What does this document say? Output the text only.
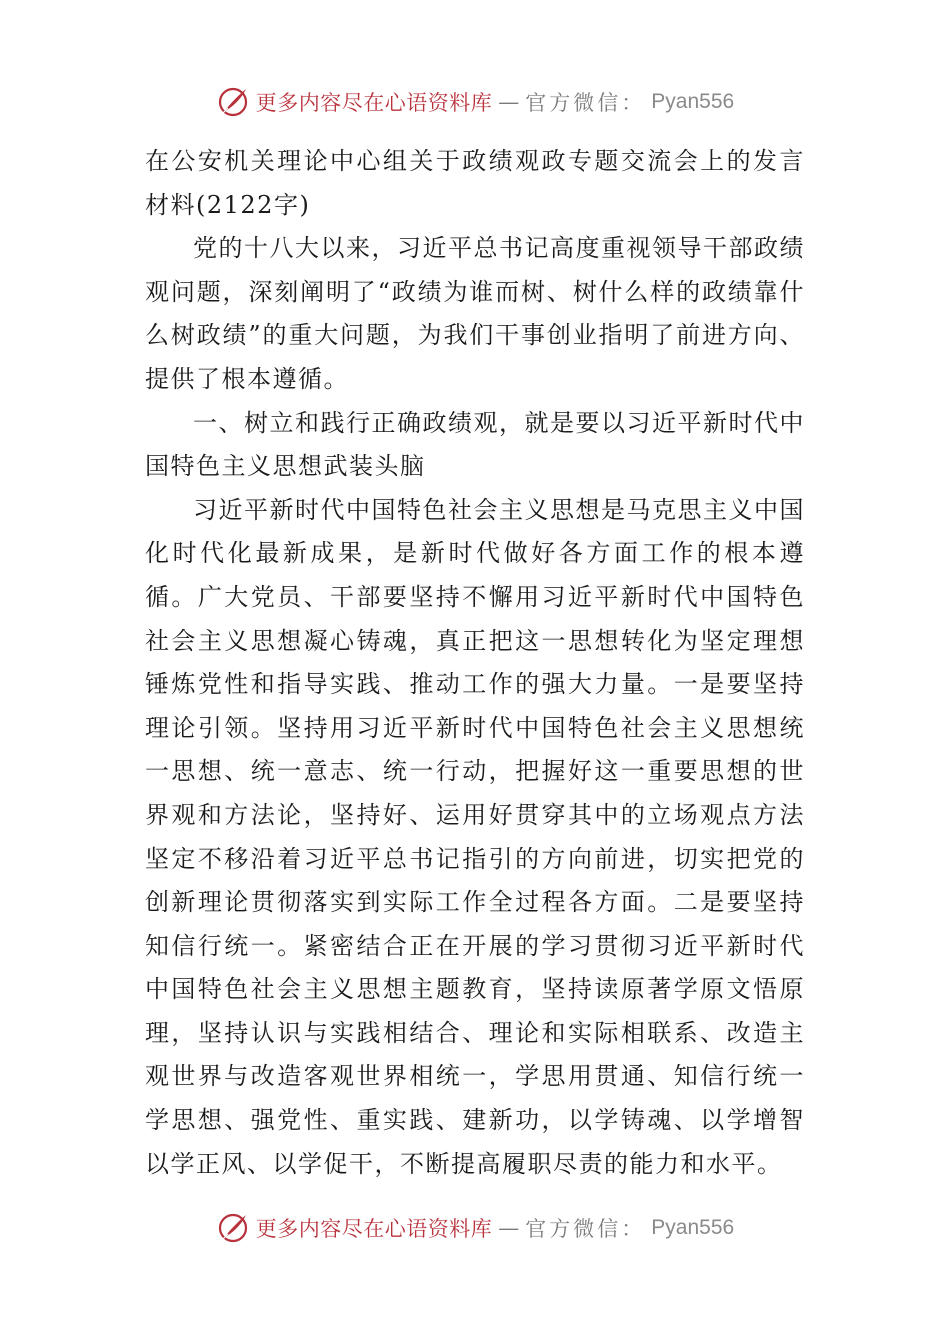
更多内容尽在心语资料库 — 官方微信： Pyan556

在公安机关理论中心组关于政绩观政专题交流会上的发言材料(2122字)

党的十八大以来，习近平总书记高度重视领导干部政绩观问题，深刻阐明了“政绩为谁而树、树什么样的政绩靠什么树政绩”的重大问题，为我们干事创业指明了前进方向、提供了根本遵循。

一、树立和践行正确政绩观，就是要以习近平新时代中国特色主义思想武装头脑

习近平新时代中国特色社会主义思想是马克思主义中国化时代化最新成果，是新时代做好各方面工作的根本遵循。广大党员、干部要坚持不懈用习近平新时代中国特色社会主义思想凝心铸魂，真正把这一思想转化为坚定理想锤炼党性和指导实践、推动工作的强大力量。一是要坚持理论引领。坚持用习近平新时代中国特色社会主义思想统一思想、统一意志、统一行动，把握好这一重要思想的世界观和方法论，坚持好、运用好贯穿其中的立场观点方法坚定不移沿着习近平总书记指引的方向前进，切实把党的创新理论贯彻落实到实际工作全过程各方面。二是要坚持知信行统一。紧密结合正在开展的学习贯彻习近平新时代中国特色社会主义思想主题教育，坚持读原著学原文悟原理，坚持认识与实践相结合、理论和实际相联系、改造主观世界与改造客观世界相统一，学思用贯通、知信行统一学思想、强党性、重实践、建新功，以学铸魂、以学增智以学正风、以学促干，不断提高履职尽责的能力和水平。

更多内容尽在心语资料库 — 官方微信： Pyan556
